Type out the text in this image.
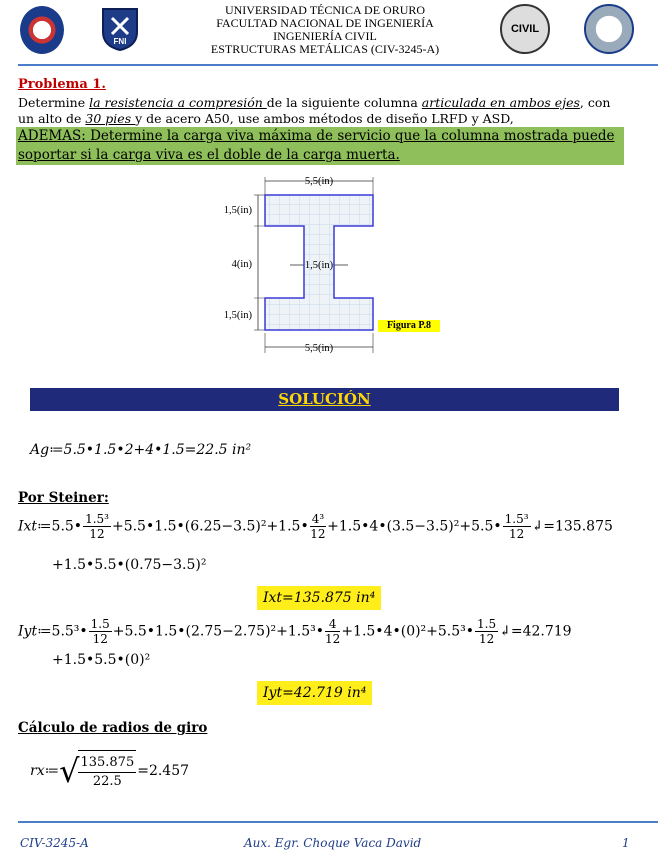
FNI
UNIVERSIDAD TÉCNICA DE ORURO
FACULTAD NACIONAL DE INGENIERÍA
INGENIERÍA CIVIL
ESTRUCTURAS METÁLICAS (CIV-3245-A)
CIVIL
Problema 1.
Determine la resistencia a compresión de la siguiente columna articulada en ambos ejes, con
un alto de 30 pies y de acero A50, use ambos métodos de diseño LRFD y ASD,
ADEMAS: Determine la carga viva máxima de servicio que la columna mostrada puede soportar si la carga viva es el doble de la carga muerta.
5,5(in)
1,5(in)
4(in)	1,5(in)
1,5(in)
5,5(in)
Figura P.8
SOLUCIÓN
Ag≔5.5•1.5•2+4•1.5=22.5 in²
Por Steiner:
Ixt≔5.5• $\frac{\text{1.5³}}{12}$ +5.5•1.5•(6.25−3.5)²+1.5• $\frac{\text{4³}}{12}$ +1.5•4•(3.5−3.5)²+5.5• $\frac{\text{1.5³}}{12}$ ↲=135.875
+1.5•5.5•(0.75−3.5)²
Ixt=135.875 in⁴
Iyt≔5.5³• $\frac{1.5}{12}$ +5.5•1.5•(2.75−2.75)²+1.5³• $\frac{4}{12}$ +1.5•4•(0)²+5.5³• $\frac{1.5}{12}$ ↲=42.719
+1.5•5.5•(0)²
Iyt=42.719 in⁴
Cálculo de radios de giro
rx≔ √ $\frac{135.875}{22.5} =2.457$
CIV-3245-A	Aux. Egr. Choque Vaca David	1
